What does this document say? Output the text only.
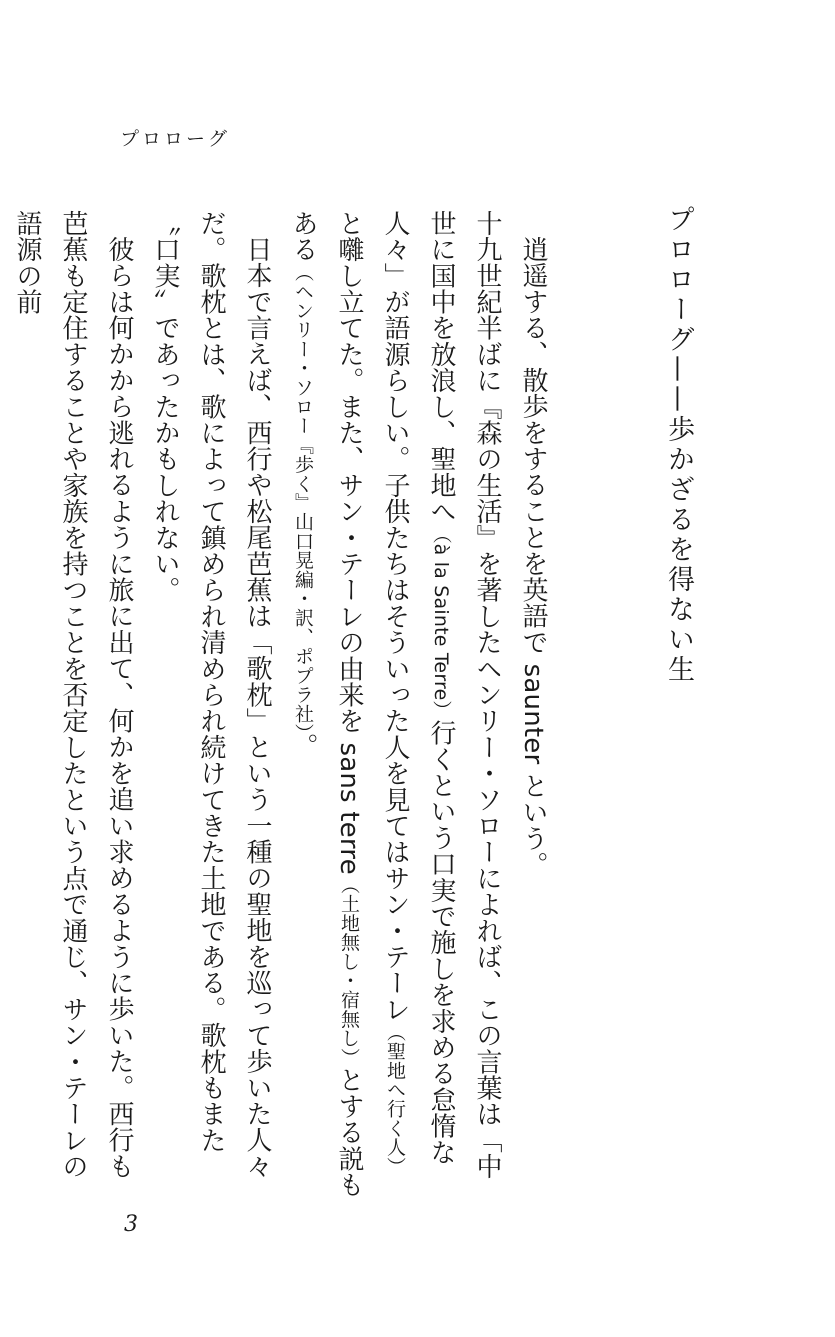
プロローグ
プロローグ——歩かざるを得ない生

逍遥する、散歩をすることを英語で saunter という。

十九世紀半ばに『森の生活』を著したヘンリー・ソローによれば、この言葉は「中世に国中を放浪し、聖地へ（à la Sainte Terre）行くという口実で施しを求める怠惰な人々」が語源らしい。子供たちはそういった人を見てはサン・テーレ（聖地へ行く人）と囃し立てた。また、サン・テーレの由来を sans terre（土地無し・宿無し）とする説もある（ヘンリー・ソロー『歩く』山口晃編・訳、ポプラ社）。

日本で言えば、西行や松尾芭蕉は「歌枕」という一種の聖地を巡って歩いた人々だ。歌枕とは、歌によって鎮められ清められ続けてきた土地である。歌枕もまた〝口実〟であったかもしれない。

彼らは何かから逃れるように旅に出て、何かを追い求めるように歩いた。西行も芭蕉も定住することや家族を持つことを否定したという点で通じ、サン・テーレの語源の前

3
